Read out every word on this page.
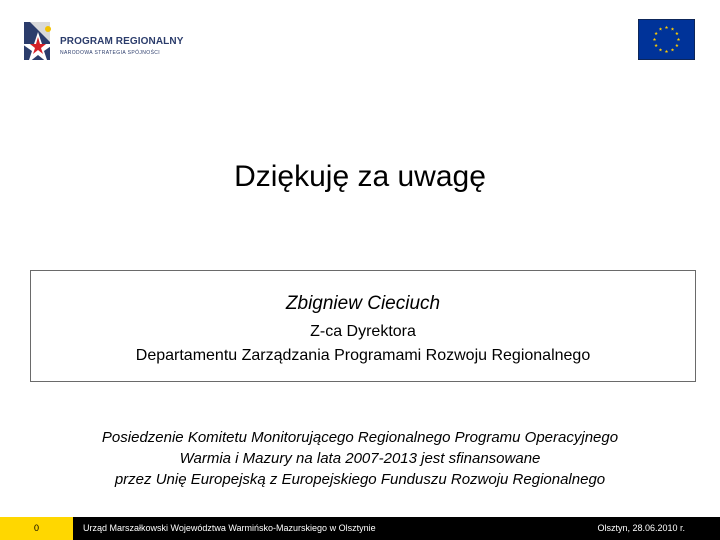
PROGRAM REGIONALNY
NARODOWA STRATEGIA SPÓJNOŚCI
Dziękuję za uwagę
Zbigniew Cieciuch
Z-ca Dyrektora
Departamentu Zarządzania Programami Rozwoju Regionalnego
Posiedzenie Komitetu Monitorującego Regionalnego Programu Operacyjnego
Warmia i Mazury na lata 2007-2013 jest sfinansowane
przez Unię Europejską z Europejskiego Funduszu Rozwoju Regionalnego
0	Urząd Marszałkowski Województwa Warmińsko-Mazurskiego w Olsztynie	Olsztyn, 28.06.2010 r.
